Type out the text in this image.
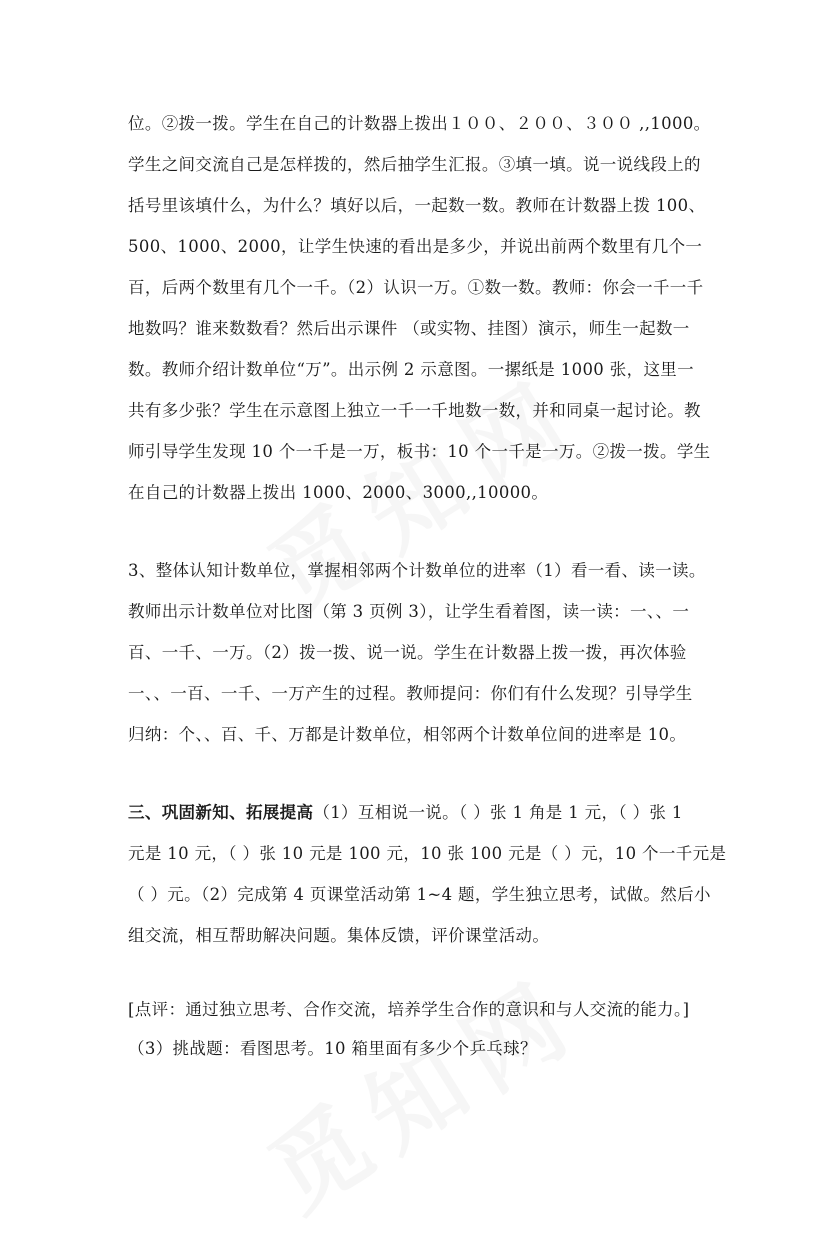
位。②拨一拨。学生在自己的计数器上拨出１００、２００、３００ ,,1000。
学生之间交流自己是怎样拨的，然后抽学生汇报。③填一填。说一说线段上的
括号里该填什么，为什么？填好以后，一起数一数。教师在计数器上拨 100、
500、1000、2000，让学生快速的看出是多少，并说出前两个数里有几个一
百，后两个数里有几个一千。（2）认识一万。①数一数。教师：你会一千一千
地数吗？谁来数数看？然后出示课件 （或实物、挂图）演示，师生一起数一
数。教师介绍计数单位“万”。出示例 2 示意图。一摞纸是 1000 张，这里一
共有多少张？学生在示意图上独立一千一千地数一数，并和同桌一起讨论。教
师引导学生发现 10 个一千是一万，板书：10 个一千是一万。②拨一拨。学生
在自己的计数器上拨出 1000、2000、3000,,10000。
3、整体认知计数单位，掌握相邻两个计数单位的进率（1）看一看、读一读。
教师出示计数单位对比图（第 3 页例 3），让学生看着图，读一读：一、、一
百、一千、一万。（2）拨一拨、说一说。学生在计数器上拨一拨，再次体验
一、、一百、一千、一万产生的过程。教师提问：你们有什么发现？引导学生
归纳：个、、百、千、万都是计数单位，相邻两个计数单位间的进率是 10。
三、巩固新知、拓展提高（1）互相说一说。（ ）张 1 角是 1 元，（ ）张 1
元是 10 元，（ ）张 10 元是 100 元，10 张 100 元是（ ）元，10 个一千元是
（ ）元。（2）完成第 4 页课堂活动第 1~4 题，学生独立思考，试做。然后小
组交流，相互帮助解决问题。集体反馈，评价课堂活动。
[点评：通过独立思考、合作交流，培养学生合作的意识和与人交流的能力。]
（3）挑战题：看图思考。10 箱里面有多少个乒乓球？
